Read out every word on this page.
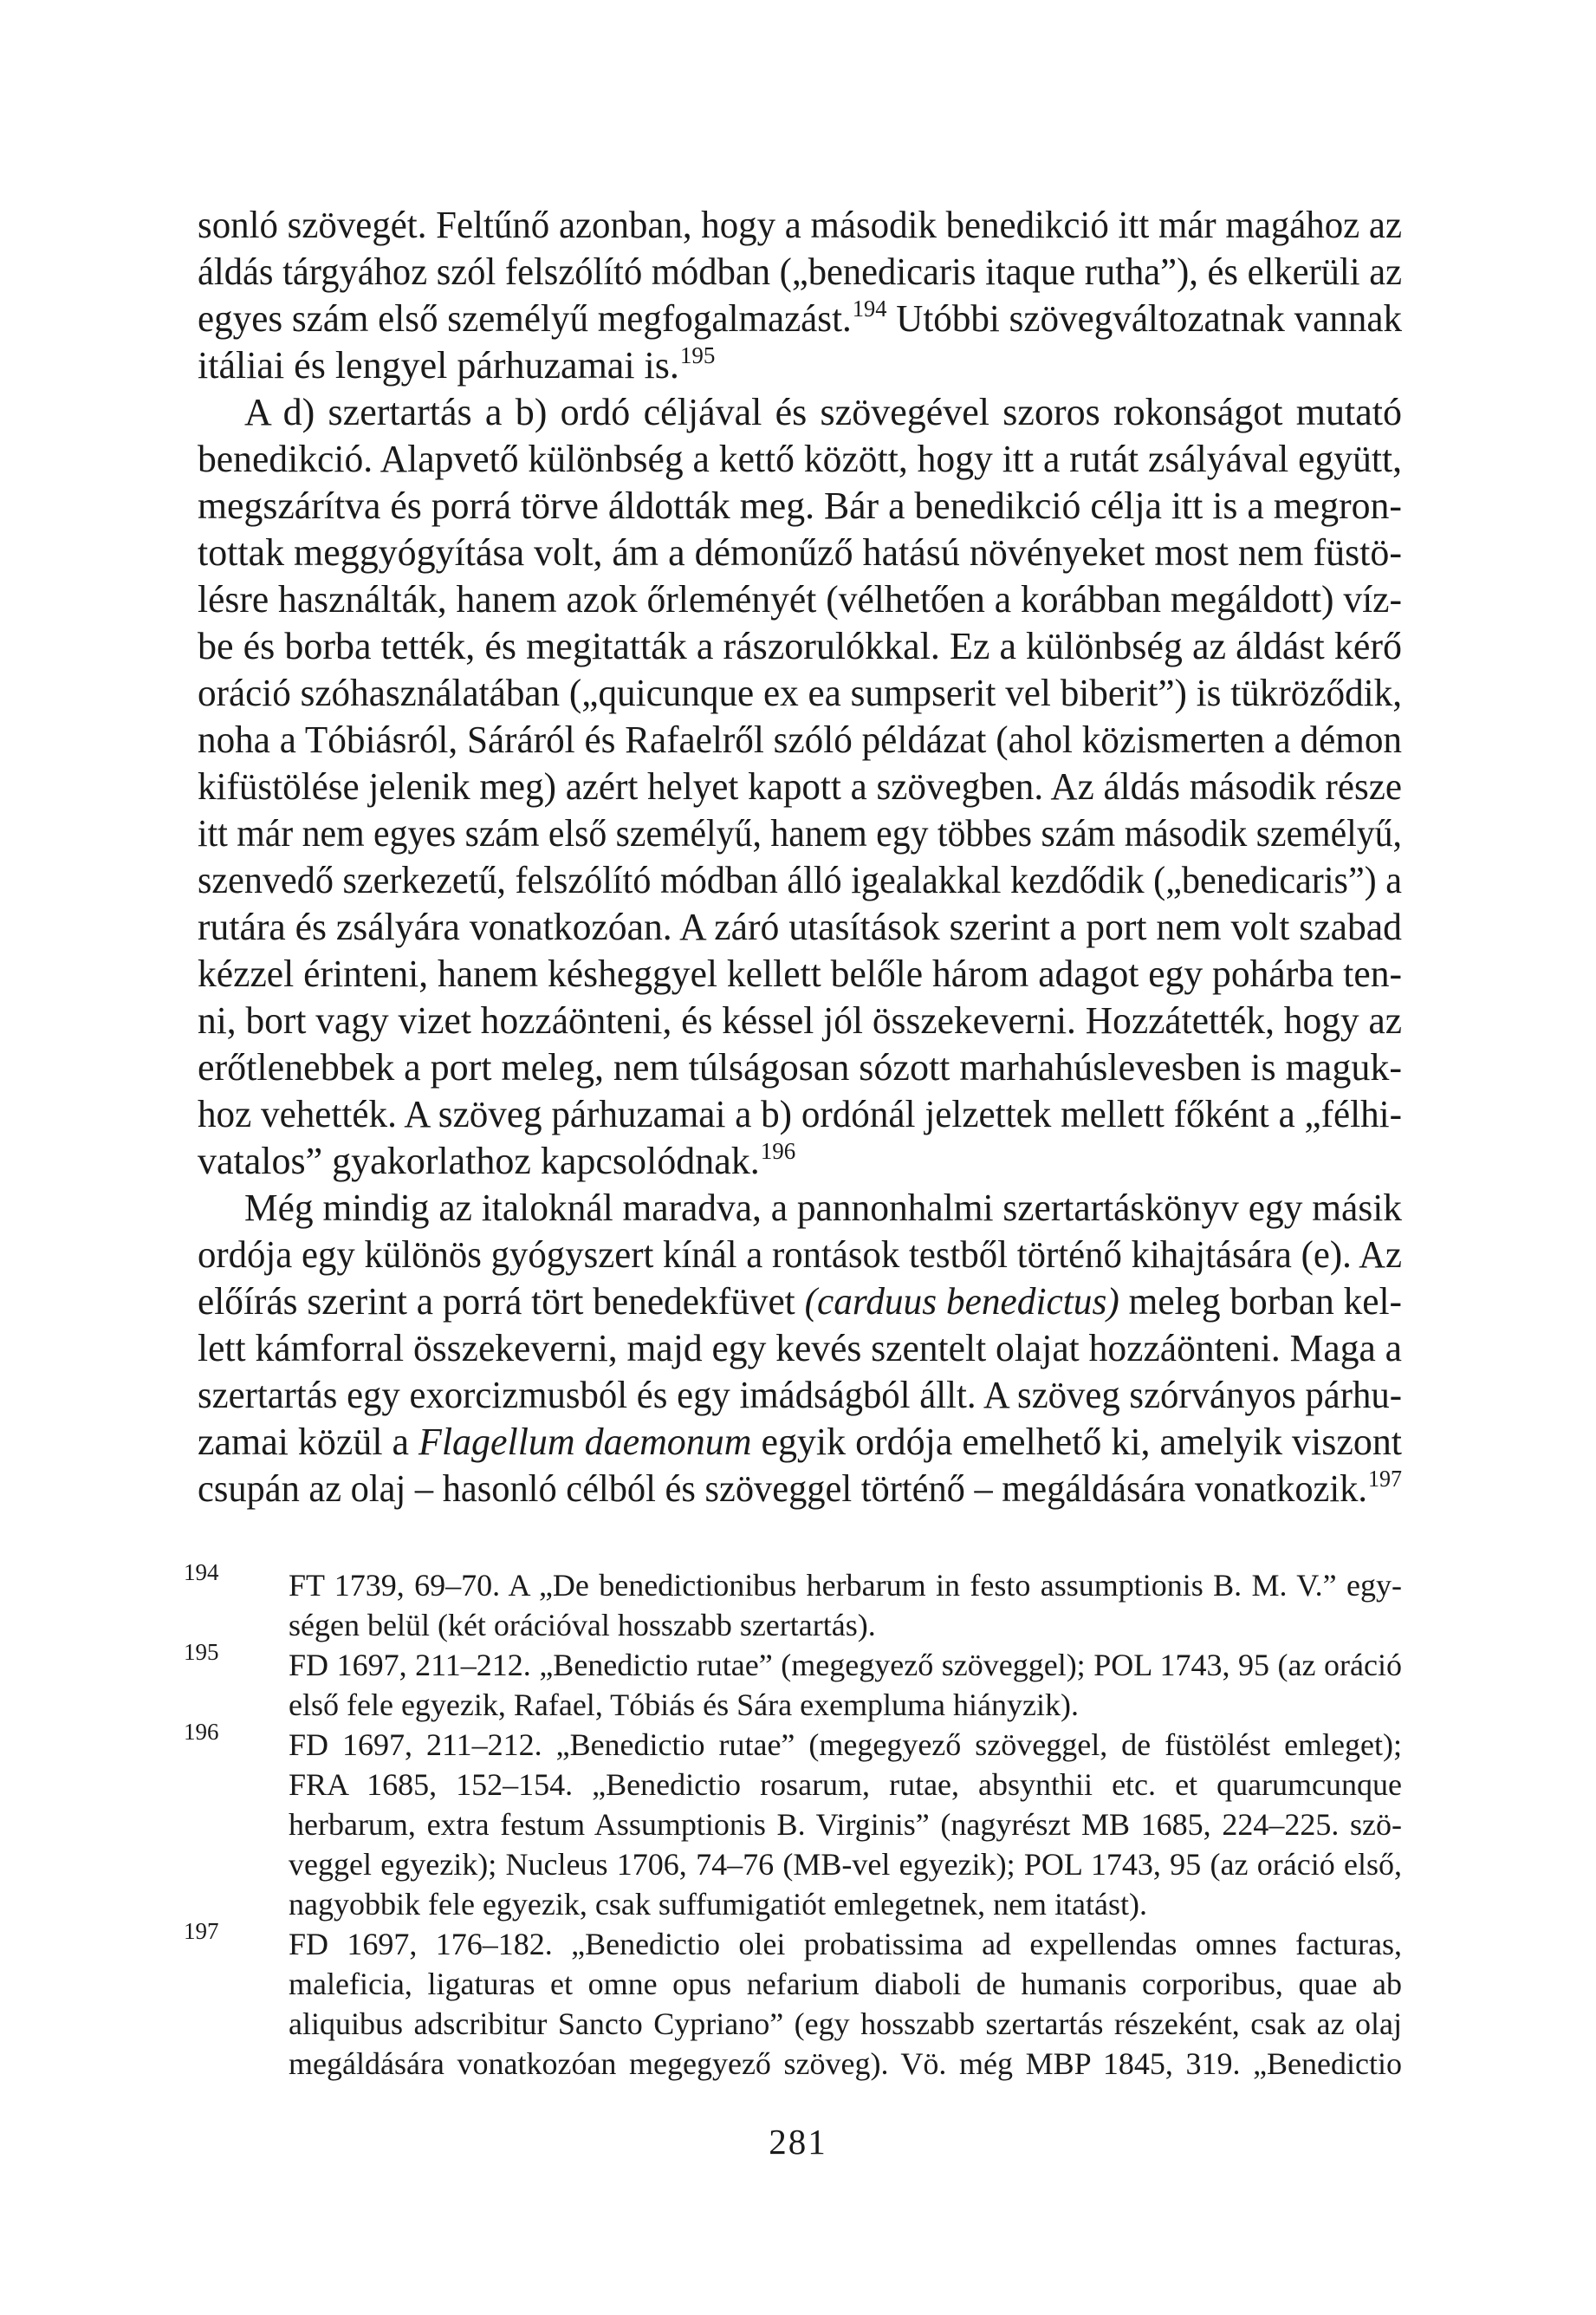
sonló szövegét. Feltűnő azonban, hogy a második benedikció itt már magához az
áldás tárgyához szól felszólító módban („benedicaris itaque rutha”), és elkerüli az
egyes szám első személyű megfogalmazást.$^{194}$ Utóbbi szövegváltozatnak vannak
itáliai és lengyel párhuzamai is.$^{195}$
A d) szertartás a b) ordó céljával és szövegével szoros rokonságot mutató
benedikció. Alapvető különbség a kettő között, hogy itt a rutát zsályával együtt,
megszárítva és porrá törve áldották meg. Bár a benedikció célja itt is a megron-
tottak meggyógyítása volt, ám a démonűző hatású növényeket most nem füstö-
lésre használták, hanem azok őrleményét (vélhetően a korábban megáldott) víz-
be és borba tették, és megitatták a rászorulókkal. Ez a különbség az áldást kérő
oráció szóhasználatában („quicunque ex ea sumpserit vel biberit”) is tükröződik,
noha a Tóbiásról, Sáráról és Rafaelről szóló példázat (ahol közismerten a démon
kifüstölése jelenik meg) azért helyet kapott a szövegben. Az áldás második része
itt már nem egyes szám első személyű, hanem egy többes szám második személyű,
szenvedő szerkezetű, felszólító módban álló igealakkal kezdődik („benedicaris”) a
rutára és zsályára vonatkozóan. A záró utasítások szerint a port nem volt szabad
kézzel érinteni, hanem késheggyel kellett belőle három adagot egy pohárba ten-
ni, bort vagy vizet hozzáönteni, és késsel jól összekeverni. Hozzátették, hogy az
erőtlenebbek a port meleg, nem túlságosan sózott marhahúslevesben is maguk-
hoz vehették. A szöveg párhuzamai a b) ordónál jelzettek mellett főként a „félhi-
vatalos” gyakorlathoz kapcsolódnak.$^{196}$
Még mindig az italoknál maradva, a pannonhalmi szertartáskönyv egy másik
ordója egy különös gyógyszert kínál a rontások testből történő kihajtására (e). Az
előírás szerint a porrá tört benedekfüvet (carduus benedictus) meleg borban kel-
lett kámforral összekeverni, majd egy kevés szentelt olajat hozzáönteni. Maga a
szertartás egy exorcizmusból és egy imádságból állt. A szöveg szórványos párhu-
zamai közül a Flagellum daemonum egyik ordója emelhető ki, amelyik viszont
csupán az olaj – hasonló célból és szöveggel történő – megáldására vonatkozik.$^{197}$
194 FT 1739, 69–70. A „De benedictionibus herbarum in festo assumptionis B. M. V.” egy-
ségen belül (két orációval hosszabb szertartás).
195 FD 1697, 211–212. „Benedictio rutae” (megegyező szöveggel); POL 1743, 95 (az oráció
első fele egyezik, Rafael, Tóbiás és Sára exempluma hiányzik).
196 FD 1697, 211–212. „Benedictio rutae” (megegyező szöveggel, de füstölést emleget);
FRA 1685, 152–154. „Benedictio rosarum, rutae, absynthii etc. et quarumcunque
herbarum, extra festum Assumptionis B. Virginis” (nagyrészt MB 1685, 224–225. szö-
veggel egyezik); Nucleus 1706, 74–76 (MB-vel egyezik); POL 1743, 95 (az oráció első,
nagyobbik fele egyezik, csak suffumigatiót emlegetnek, nem itatást).
197 FD 1697, 176–182. „Benedictio olei probatissima ad expellendas omnes facturas,
maleficia, ligaturas et omne opus nefarium diaboli de humanis corporibus, quae ab
aliquibus adscribitur Sancto Cypriano” (egy hosszabb szertartás részeként, csak az olaj
megáldására vonatkozóan megegyező szöveg). Vö. még MBP 1845, 319. „Benedictio
281
